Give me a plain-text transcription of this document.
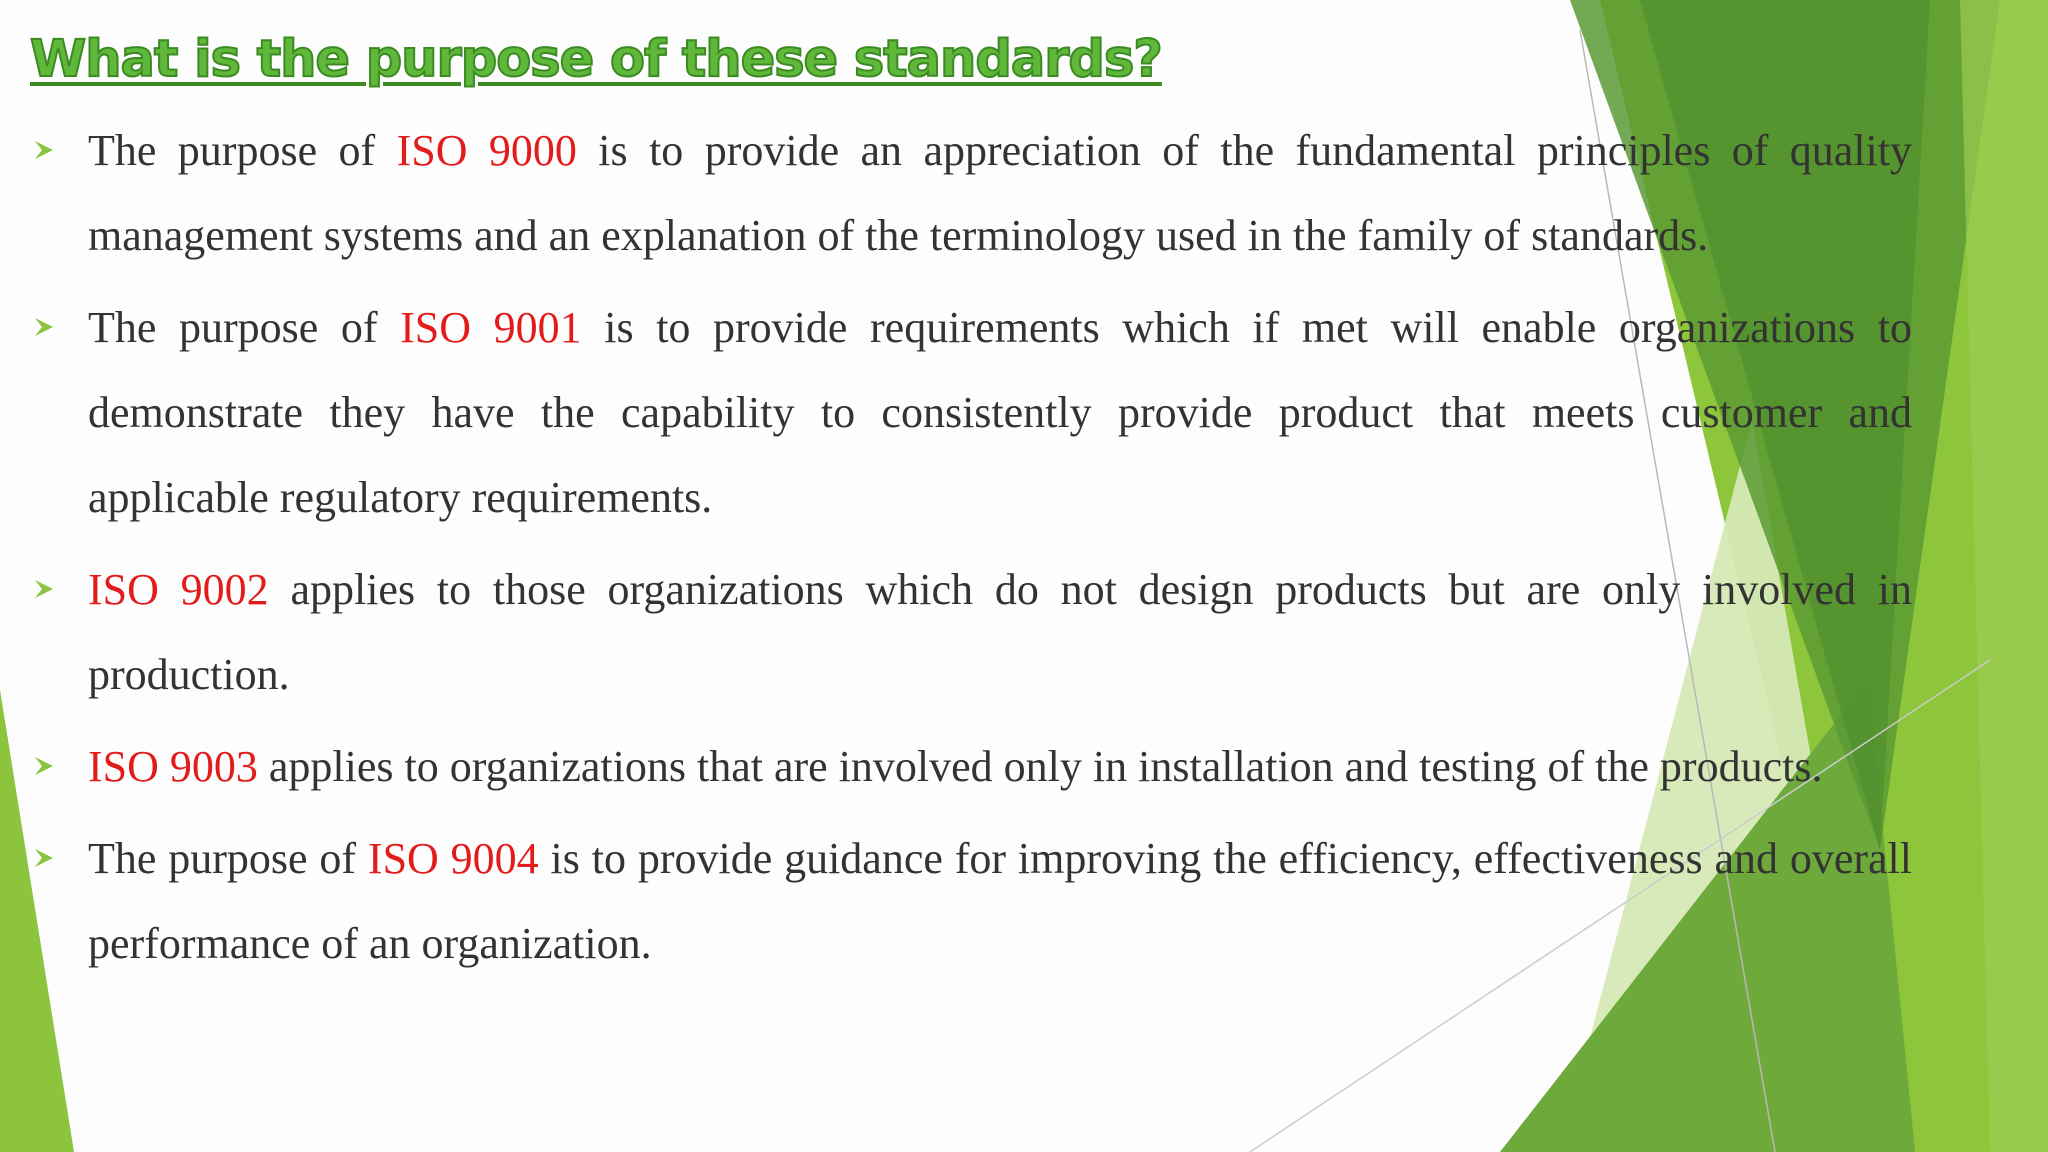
What is the purpose of these standards?
The purpose of ISO 9000 is to provide an appreciation of the fundamental principles of quality management systems and an explanation of the terminology used in the family of standards.
The purpose of ISO 9001 is to provide requirements which if met will enable organizations to demonstrate they have the capability to consistently provide product that meets customer and applicable regulatory requirements.
ISO 9002 applies to those organizations which do not design products but are only involved in production.
ISO 9003 applies to organizations that are involved only in installation and testing of the products.
The purpose of ISO 9004 is to provide guidance for improving the efficiency, effectiveness and overall performance of an organization.
